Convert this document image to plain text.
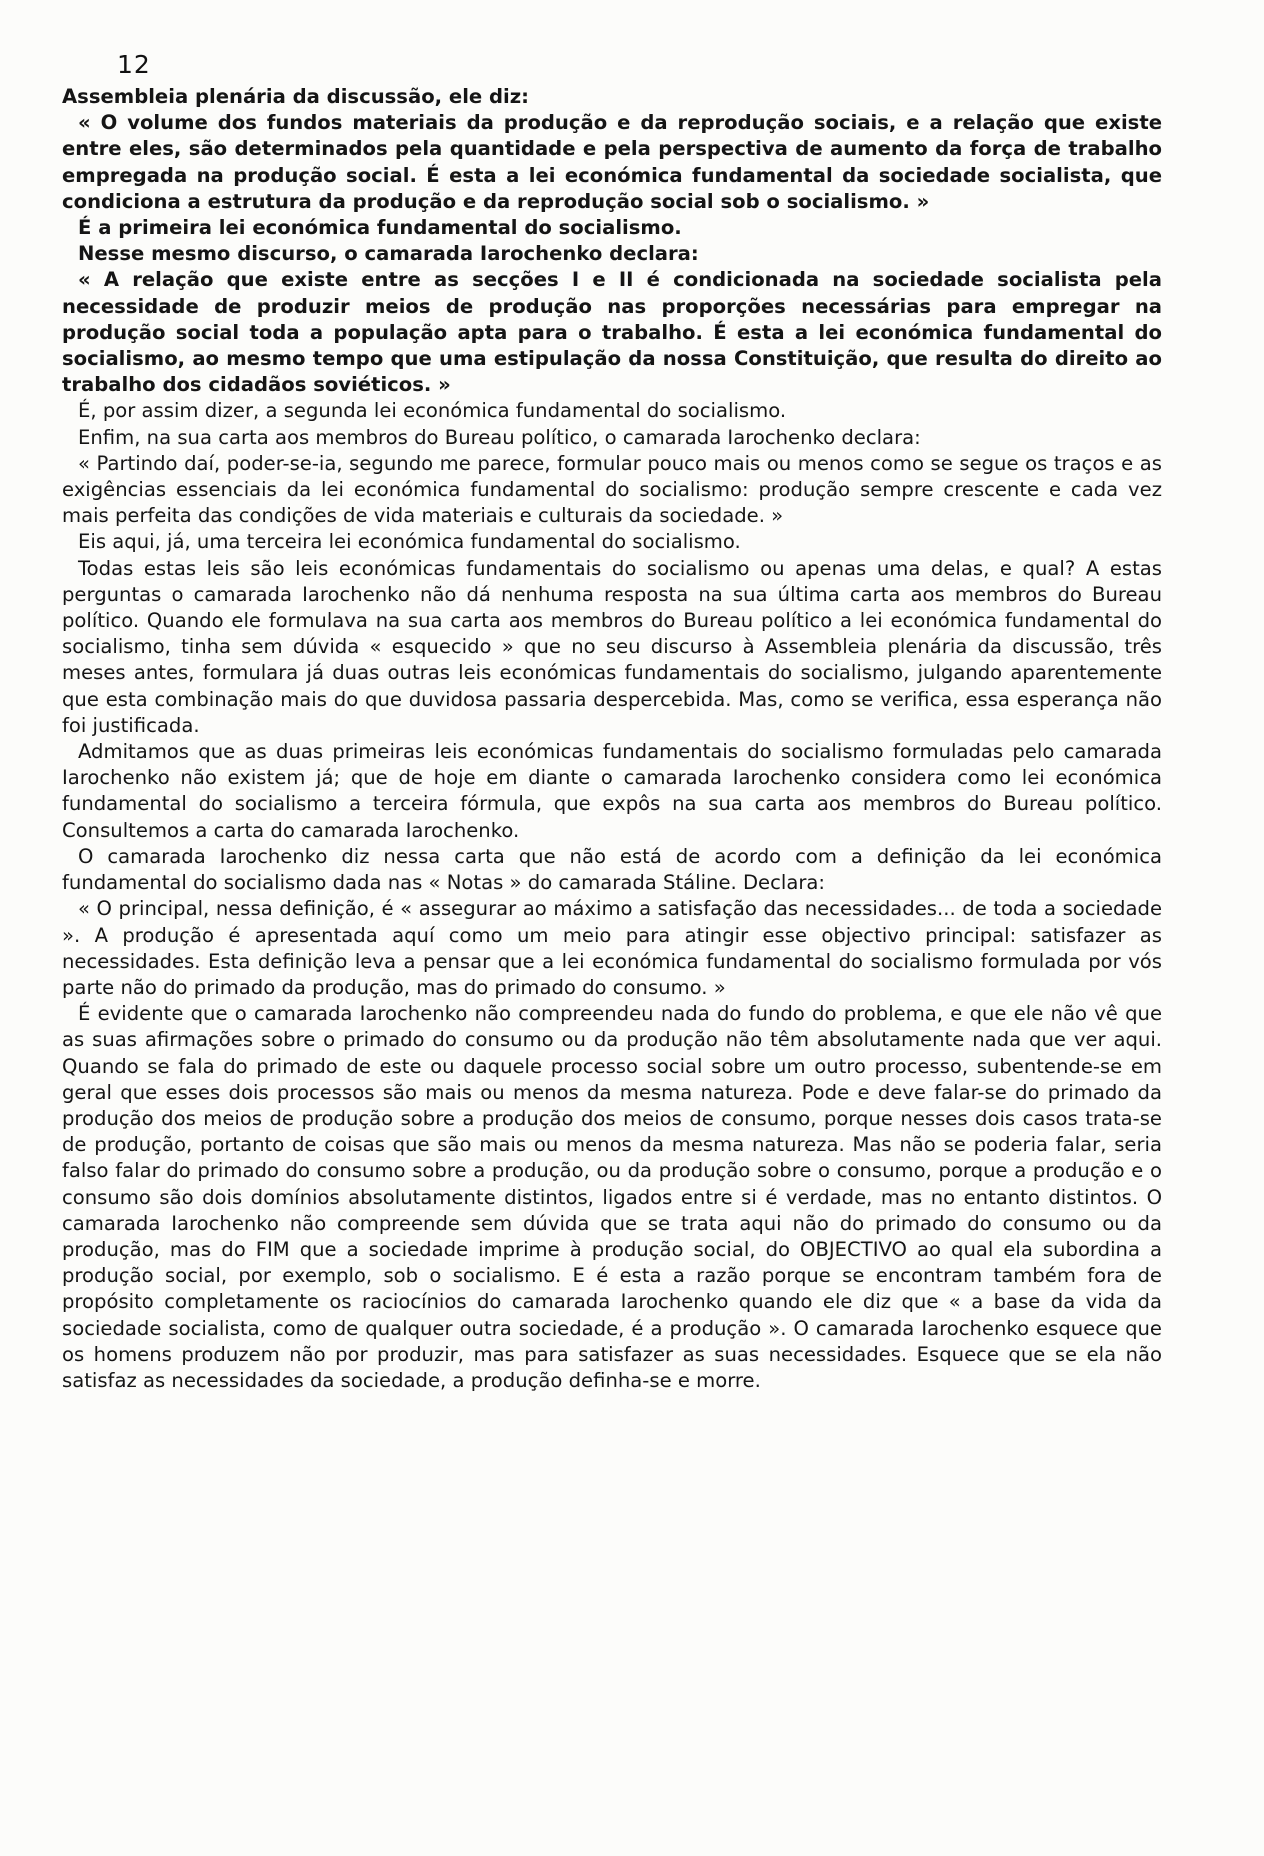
12

Assembleia plenária da discussão, ele diz:

« O volume dos fundos materiais da produção e da reprodução sociais, e a relação que existe entre eles, são determinados pela quantidade e pela perspectiva de aumento da força de trabalho empregada na produção social. É esta a lei económica fundamental da sociedade socialista, que condiciona a estrutura da produção e da reprodução social sob o socialismo. »

É a primeira lei económica fundamental do socialismo.

Nesse mesmo discurso, o camarada Iarochenko declara:

« A relação que existe entre as secções I e II é condicionada na sociedade socialista pela necessidade de produzir meios de produção nas proporções necessárias para empregar na produção social toda a população apta para o trabalho. É esta a lei económica fundamental do socialismo, ao mesmo tempo que uma estipulação da nossa Constituição, que resulta do direito ao trabalho dos cidadãos soviéticos. »

É, por assim dizer, a segunda lei económica fundamental do socialismo.

Enfim, na sua carta aos membros do Bureau político, o camarada Iarochenko declara:

« Partindo daí, poder-se-ia, segundo me parece, formular pouco mais ou menos como se segue os traços e as exigências essenciais da lei económica fundamental do socialismo: produção sempre crescente e cada vez mais perfeita das condições de vida materiais e culturais da sociedade. »

Eis aqui, já, uma terceira lei económica fundamental do socialismo.

Todas estas leis são leis económicas fundamentais do socialismo ou apenas uma delas, e qual? A estas perguntas o camarada Iarochenko não dá nenhuma resposta na sua última carta aos membros do Bureau político. Quando ele formulava na sua carta aos membros do Bureau político a lei económica fundamental do socialismo, tinha sem dúvida « esquecido » que no seu discurso à Assembleia plenária da discussão, três meses antes, formulara já duas outras leis económicas fundamentais do socialismo, julgando aparentemente que esta combinação mais do que duvidosa passaria despercebida. Mas, como se verifica, essa esperança não foi justificada.

Admitamos que as duas primeiras leis económicas fundamentais do socialismo formuladas pelo camarada Iarochenko não existem já; que de hoje em diante o camarada Iarochenko considera como lei económica fundamental do socialismo a terceira fórmula, que expôs na sua carta aos membros do Bureau político. Consultemos a carta do camarada Iarochenko.

O camarada Iarochenko diz nessa carta que não está de acordo com a definição da lei económica fundamental do socialismo dada nas « Notas » do camarada Stáline. Declara:

« O principal, nessa definição, é « assegurar ao máximo a satisfação das necessidades... de toda a sociedade ». A produção é apresentada aquí como um meio para atingir esse objectivo principal: satisfazer as necessidades. Esta definição leva a pensar que a lei económica fundamental do socialismo formulada por vós parte não do primado da produção, mas do primado do consumo. »

É evidente que o camarada Iarochenko não compreendeu nada do fundo do problema, e que ele não vê que as suas afirmações sobre o primado do consumo ou da produção não têm absolutamente nada que ver aqui. Quando se fala do primado de este ou daquele processo social sobre um outro processo, subentende-se em geral que esses dois processos são mais ou menos da mesma natureza. Pode e deve falar-se do primado da produção dos meios de produção sobre a produção dos meios de consumo, porque nesses dois casos trata-se de produção, portanto de coisas que são mais ou menos da mesma natureza. Mas não se poderia falar, seria falso falar do primado do consumo sobre a produção, ou da produção sobre o consumo, porque a produção e o consumo são dois domínios absolutamente distintos, ligados entre si é verdade, mas no entanto distintos. O camarada Iarochenko não compreende sem dúvida que se trata aqui não do primado do consumo ou da produção, mas do FIM que a sociedade imprime à produção social, do OBJECTIVO ao qual ela subordina a produção social, por exemplo, sob o socialismo. E é esta a razão porque se encontram também fora de propósito completamente os raciocínios do camarada Iarochenko quando ele diz que « a base da vida da sociedade socialista, como de qualquer outra sociedade, é a produção ». O camarada Iarochenko esquece que os homens produzem não por produzir, mas para satisfazer as suas necessidades. Esquece que se ela não satisfaz as necessidades da sociedade, a produção definha-se e morre.
